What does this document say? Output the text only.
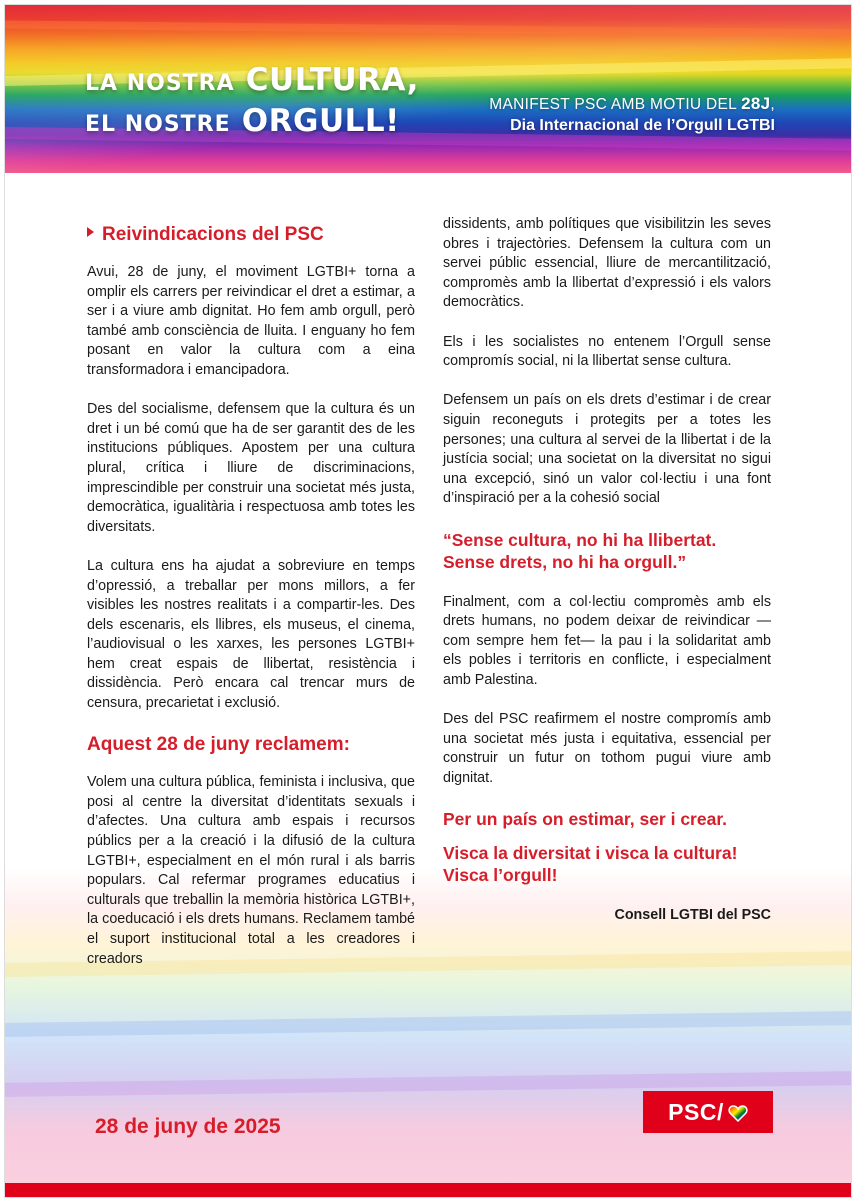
LA NOSTRA CULTURA,
EL NOSTRE ORGULL!	MANIFEST PSC AMB MOTIU DEL 28J,
Dia Internacional de l’Orgull LGTBI
Reivindicacions del PSC

Avui, 28 de juny, el moviment LGTBI+ torna a omplir els carrers per reivindicar el dret a estimar, a ser i a viure amb dignitat. Ho fem amb orgull, però també amb consciència de lluita. I enguany ho fem posant en valor la cultura com a eina transformadora i emancipadora.

Des del socialisme, defensem que la cultura és un dret i un bé comú que ha de ser garantit des de les institucions públiques. Apostem per una cultura plural, crítica i lliure de discriminacions, imprescindible per construir una societat més justa, democràtica, igualitària i respectuosa amb totes les diversitats.

La cultura ens ha ajudat a sobreviure en temps d’opressió, a treballar per mons millors, a fer visibles les nostres realitats i a compartir-les. Des dels escenaris, els llibres, els museus, el cinema, l’audiovisual o les xarxes, les persones LGTBI+ hem creat espais de llibertat, resistència i dissidència. Però encara cal trencar murs de censura, precarietat i exclusió.

Aquest 28 de juny reclamem:

Volem una cultura pública, feminista i inclusiva, que posi al centre la diversitat d’identitats sexuals i d’afectes. Una cultura amb espais i recursos públics per a la creació i la difusió de la cultura LGTBI+, especialment en el món rural i als barris populars. Cal refermar programes educatius i culturals que treballin la memòria històrica LGTBI+, la coeducació i els drets humans. Reclamem també el suport institucional total a les creadores i creadors

dissidents, amb polítiques que visibilitzin les seves obres i trajectòries. Defensem la cultura com un servei públic essencial, lliure de mercantilització, compromès amb la llibertat d’expressió i els valors democràtics.

Els i les socialistes no entenem l’Orgull sense compromís social, ni la llibertat sense cultura.

Defensem un país on els drets d’estimar i de crear siguin reconeguts i protegits per a totes les persones; una cultura al servei de la llibertat i de la justícia social; una societat on la diversitat no sigui una excepció, sinó un valor col·lectiu i una font d’inspiració per a la cohesió social

“Sense cultura, no hi ha llibertat.
Sense drets, no hi ha orgull.”

Finalment, com a col·lectiu compromès amb els drets humans, no podem deixar de reivindicar —com sempre hem fet— la pau i la solidaritat amb els pobles i territoris en conflicte, i especialment amb Palestina.

Des del PSC reafirmem el nostre compromís amb una societat més justa i equitativa, essencial per construir un futur on tothom pugui viure amb dignitat.

Per un país on estimar, ser i crear.

Visca la diversitat i visca la cultura!
Visca l’orgull!

Consell LGTBI del PSC

28 de juny de 2025
PSC/
